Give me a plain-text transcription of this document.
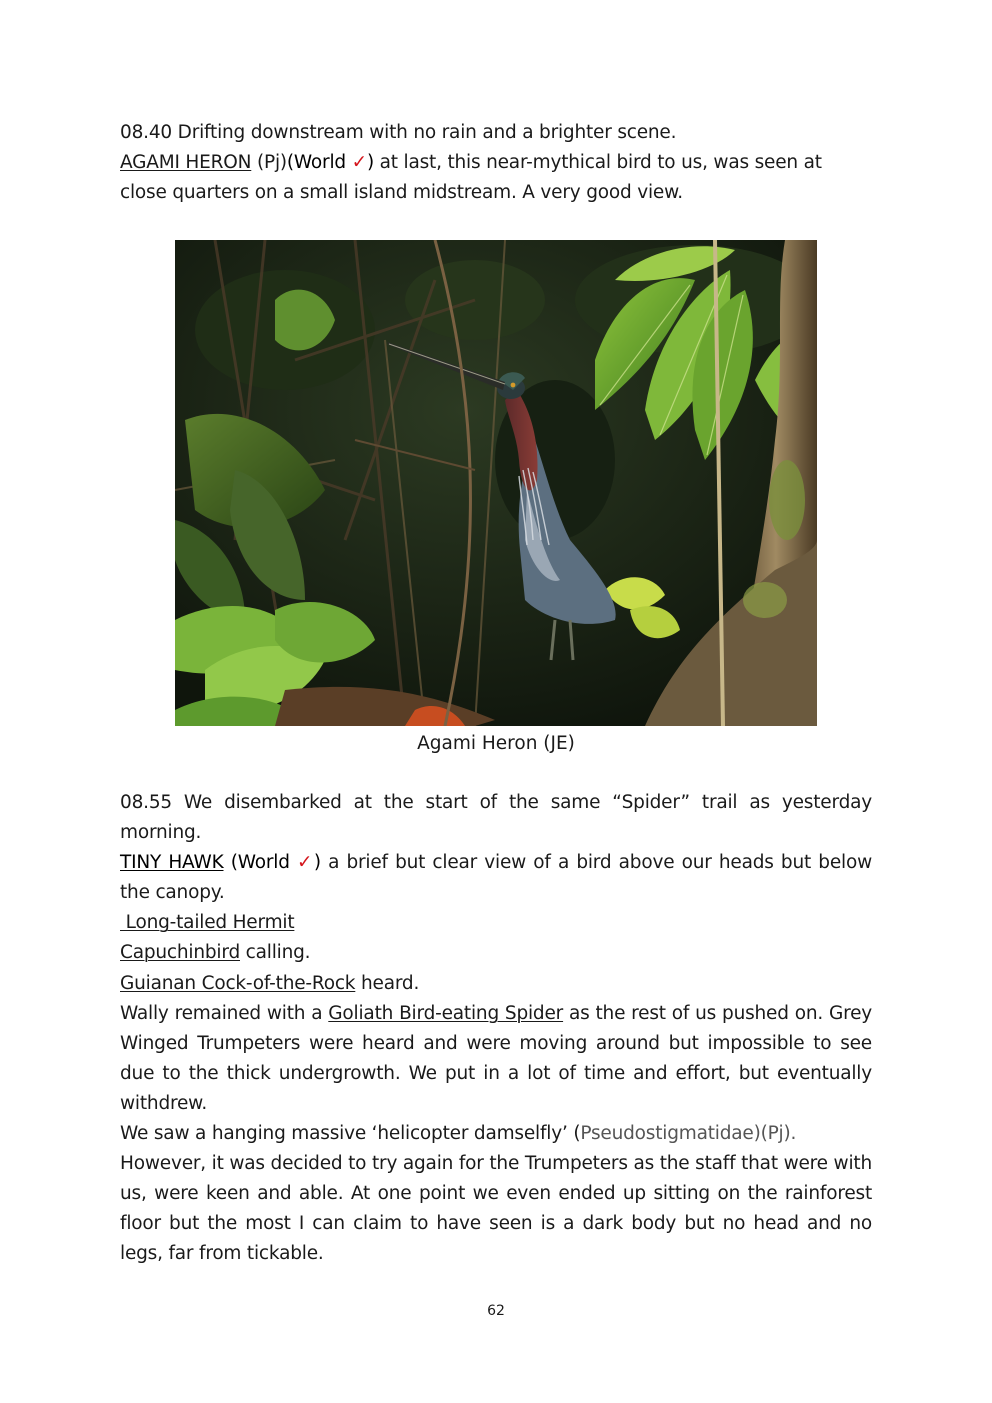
08.40 Drifting downstream with no rain and a brighter scene.
AGAMI HERON (Pj)(World ✓) at last, this near-mythical bird to us, was seen at
close quarters on a small island midstream. A very good view.
Agami Heron (JE)
08.55 We disembarked at the start of the same “Spider” trail as yesterday morning.
TINY HAWK (World ✓) a brief but clear view of a bird above our heads but below the canopy.
Long-tailed Hermit
Capuchinbird calling.
Guianan Cock-of-the-Rock heard.
Wally remained with a Goliath Bird-eating Spider as the rest of us pushed on. Grey Winged Trumpeters were heard and were moving around but impossible to see due to the thick undergrowth. We put in a lot of time and effort, but eventually withdrew.
We saw a hanging massive ‘helicopter damselfly’ (Pseudostigmatidae)(Pj).
However, it was decided to try again for the Trumpeters as the staff that were with us, were keen and able. At one point we even ended up sitting on the rainforest floor but the most I can claim to have seen is a dark body but no head and no legs, far from tickable.
62
